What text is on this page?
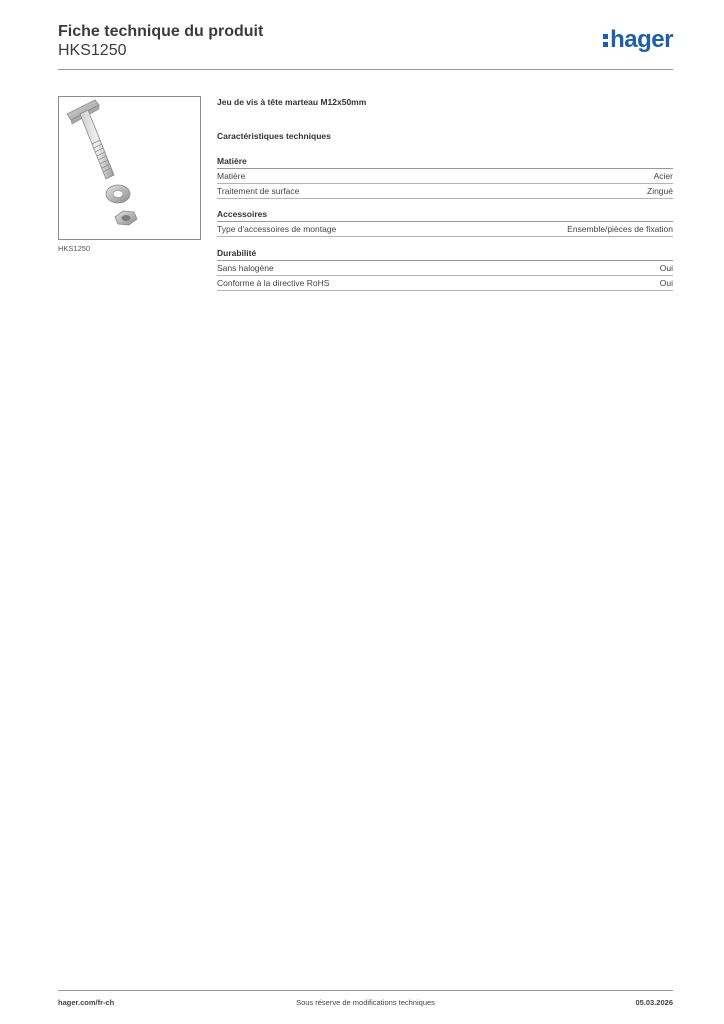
Fiche technique du produit
HKS1250	hager
HKS1250
Jeu de vis à tête marteau M12x50mm
Caractéristiques techniques
Matière
Matière	Acier
Traitement de surface	Zingué
Accessoires
Type d'accessoires de montage	Ensemble/pièces de fixation
Durabilité
Sans halogène	Oui
Conforme à la directive RoHS	Oui
hager.com/fr-ch	Sous réserve de modifications techniques	05.03.2026
